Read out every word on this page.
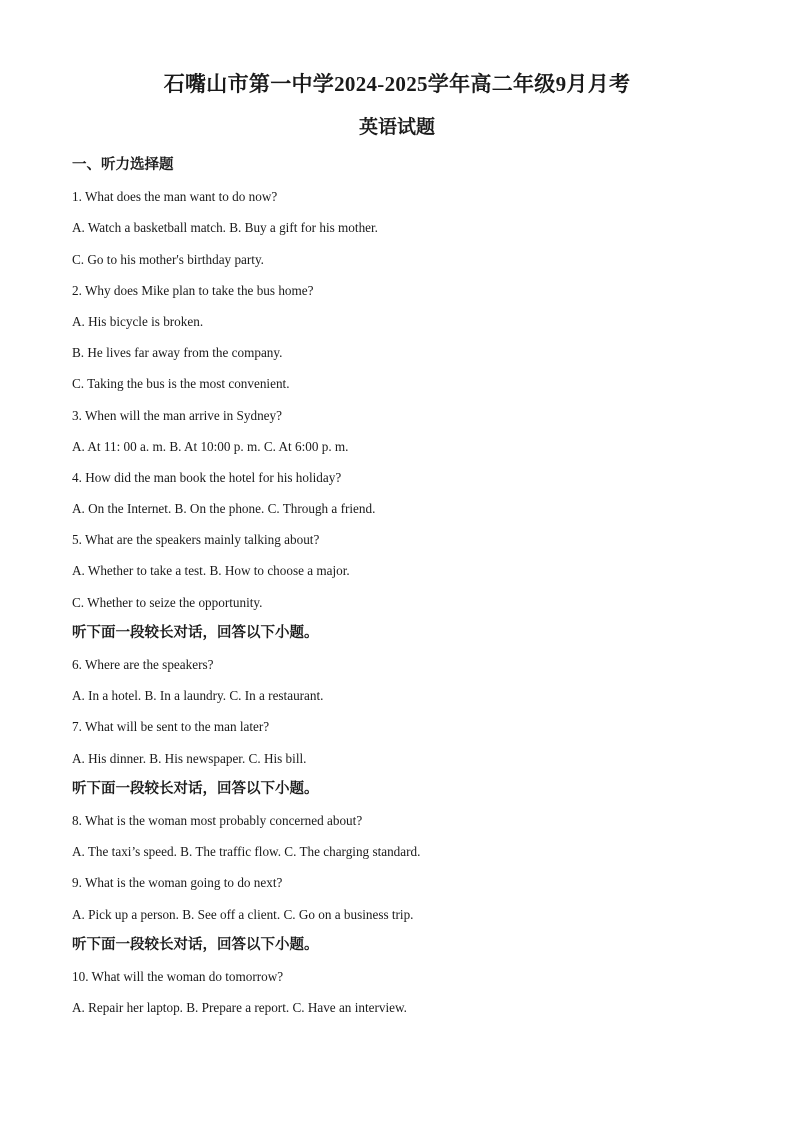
石嘴山市第一中学2024-2025学年高二年级9月月考
英语试题
一、听力选择题
1. What does the man want to do now?
A. Watch a basketball match. B. Buy a gift for his mother.
C. Go to his mother's birthday party.
2. Why does Mike plan to take the bus home?
A. His bicycle is broken.
B. He lives far away from the company.
C. Taking the bus is the most convenient.
3. When will the man arrive in Sydney?
A. At 11: 00 a. m. B. At 10:00 p. m. C. At 6:00 p. m.
4. How did the man book the hotel for his holiday?
A. On the Internet. B. On the phone. C. Through a friend.
5. What are the speakers mainly talking about?
A. Whether to take a test. B. How to choose a major.
C. Whether to seize the opportunity.
听下面一段较长对话，回答以下小题。
6. Where are the speakers?
A. In a hotel. B. In a laundry. C. In a restaurant.
7. What will be sent to the man later?
A. His dinner. B. His newspaper. C. His bill.
听下面一段较长对话，回答以下小题。
8. What is the woman most probably concerned about?
A. The taxi’s speed. B. The traffic flow. C. The charging standard.
9. What is the woman going to do next?
A. Pick up a person. B. See off a client. C. Go on a business trip.
听下面一段较长对话，回答以下小题。
10. What will the woman do tomorrow?
A. Repair her laptop. B. Prepare a report. C. Have an interview.
